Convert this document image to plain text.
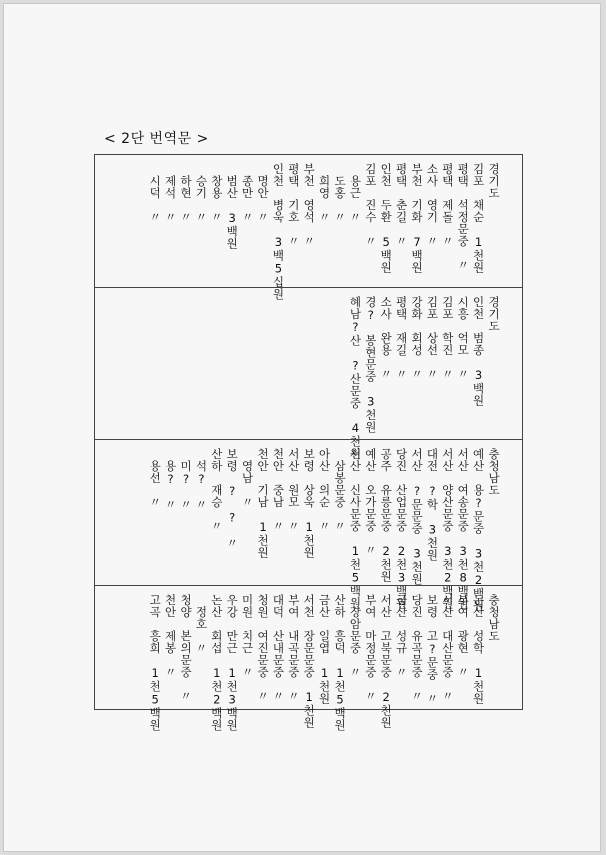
< 2단 번역문 >
경기도
김포　채순　1천원
평택　석정문중　〃
평택　제돌　〃
소사　영기　〃
부천　기화　7백원
평택　춘길　〃
인천　두환　5백원
김포　진수　〃
　용근　〃
　도홍　〃
　희영　〃
부천　영석　〃
평택　기호　〃
인천　병욱　3백5십원
　명안　〃
　종만　〃
　범산　3백원
　창용　〃
　승기　〃
　하현　〃
　제석　〃
　시덕　〃
경기도
인천　범종　3백원
시흥　억모　〃
김포　학진　〃
김포　상선　〃
강화　회성　〃
평택　재길　〃
소사　완용　〃
경?　봉현문중　3천원
혜남?산　?산문중　4천원
충청남도
예산　용?문중　3천2백원
서산　여송문중　3천8백원
서산　양산문중　3천2백원
대전　?학　3천원
서산　?문문중　3천원
당진　산업문중　2천3백원
공주　유릉문중　2천원
예산　오가문중　〃
서산　신사문중　1천5백원
　삼봉문중　〃
아산　의순　〃
보령　상욱　1천원
서산　원모　〃
천안　중남　〃
천안　기남　1천원
　영남　〃
보령　?　?　〃
산하　재승　〃
　석?　〃
　미?　〃
　용?　〃
　용선　〃
충청남도
논산　성학　1천원
부여　광현　〃
서산　대산문중　〃
보령　고?문중　〃
당진　유곡문중　〃
금산　성규　〃
서산　고북문중　2천원
부여　마정문중　〃
　장암문중　〃
산하　흥덕　1천5백원
금산　일엽　1천원
서천　장문문중　1천원
부여　내곡문중　〃
대덕　산내문중　〃
청원　여진문중　〃
미원　치근　〃
우강　만근　1천3백원
논산　회섭　1천2백원
　정호　〃
청양　본의문중　〃
천안　제봉　〃
고곡　흥희　1천5백원
